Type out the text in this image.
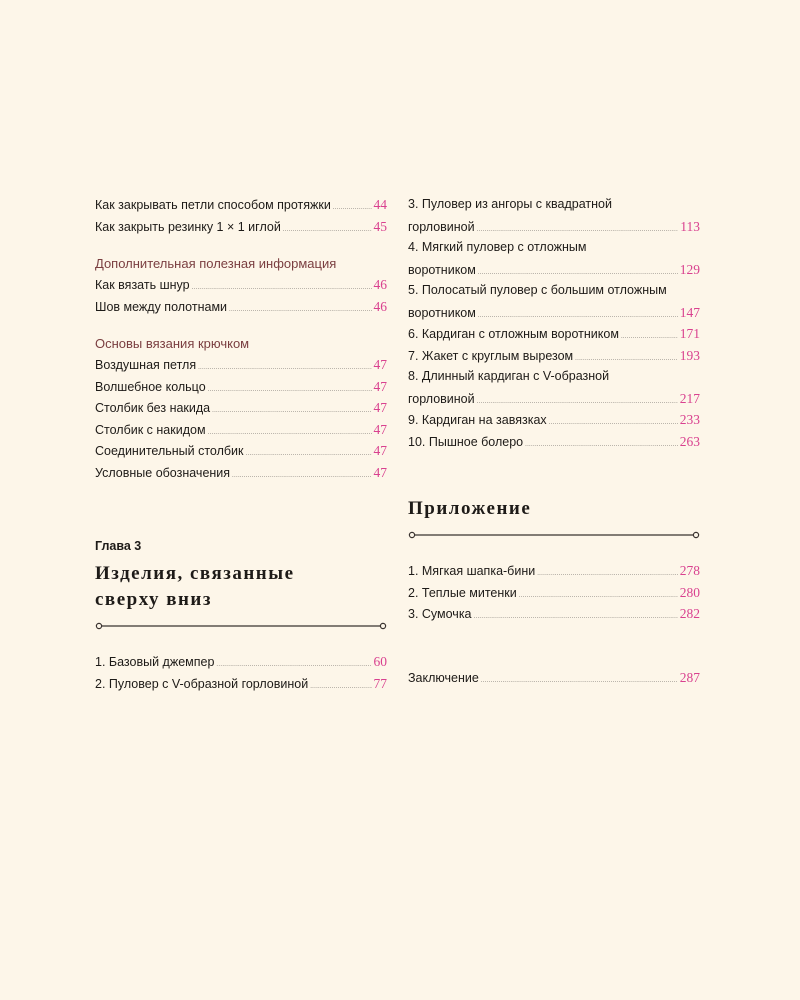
Как закрывать петли способом протяжки .....	44
Как закрыть резинку 1 × 1 иглой .....	45
Дополнительная полезная информация
Как вязать шнур .....	46
Шов между полотнами .....	46
Основы вязания крючком
Воздушная петля .....	47
Волшебное кольцо .....	47
Столбик без накида .....	47
Столбик с накидом .....	47
Соединительный столбик .....	47
Условные обозначения .....	47
Глава 3
Изделия, связанные
сверху вниз
1. Базовый джемпер .....	60
2. Пуловер с V-образной горловиной .....	77
3. Пуловер из ангоры с квадратной
горловиной .....	113
4. Мягкий пуловер с отложным
воротником .....	129
5. Полосатый пуловер с большим отложным
воротником .....	147
6. Кардиган с отложным воротником .....	171
7. Жакет с круглым вырезом .....	193
8. Длинный кардиган с V-образной
горловиной .....	217
9. Кардиган на завязках .....	233
10. Пышное болеро .....	263
Приложение
1. Мягкая шапка-бини .....	278
2. Теплые митенки .....	280
3. Сумочка .....	282
Заключение .....	287
